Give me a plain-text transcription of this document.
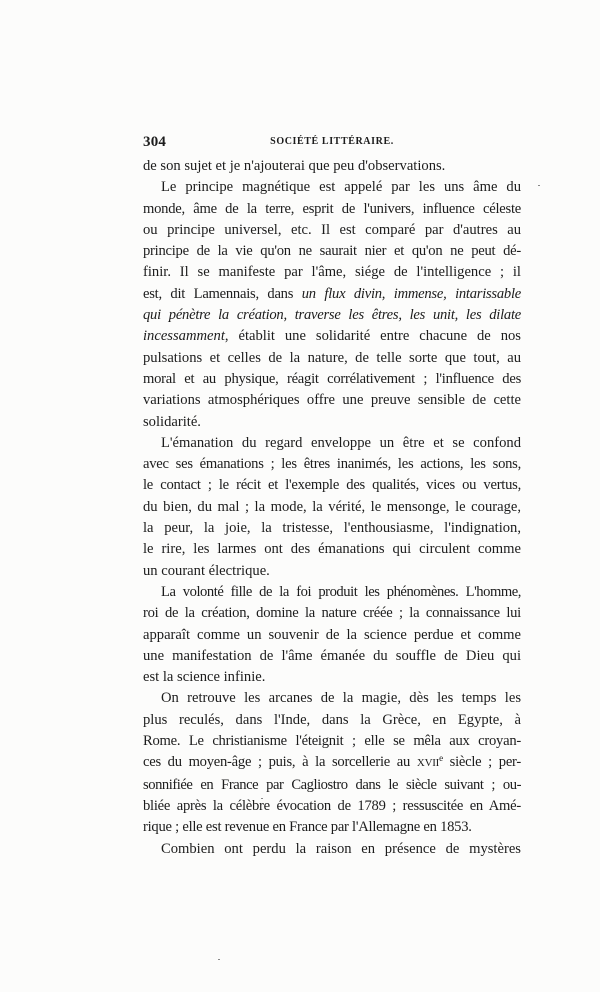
304	SOCIÉTÉ LITTÉRAIRE.

de son sujet et je n'ajouterai que peu d'observations.

Le principe magnétique est appelé par les uns âme du
monde, âme de la terre, esprit de l'univers, influence céleste
ou principe universel, etc. Il est comparé par d'autres au
principe de la vie qu'on ne saurait nier et qu'on ne peut dé-
finir. Il se manifeste par l'âme, siége de l'intelligence ; il
est, dit Lamennais, dans un flux divin, immense, intarissable
qui pénètre la création, traverse les êtres, les unit, les dilate
incessamment, établit une solidarité entre chacune de nos
pulsations et celles de la nature, de telle sorte que tout, au
moral et au physique, réagit corrélativement ; l'influence des
variations atmosphériques offre une preuve sensible de cette
solidarité.

L'émanation du regard enveloppe un être et se confond
avec ses émanations ; les êtres inanimés, les actions, les sons,
le contact ; le récit et l'exemple des qualités, vices ou vertus,
du bien, du mal ; la mode, la vérité, le mensonge, le courage,
la peur, la joie, la tristesse, l'enthousiasme, l'indignation,
le rire, les larmes ont des émanations qui circulent comme
un courant électrique.

La volonté fille de la foi produit les phénomènes. L'homme,
roi de la création, domine la nature créée ; la connaissance lui
apparaît comme un souvenir de la science perdue et comme
une manifestation de l'âme émanée du souffle de Dieu qui
est la science infinie.

On retrouve les arcanes de la magie, dès les temps les
plus reculés, dans l'Inde, dans la Grèce, en Egypte, à
Rome. Le christianisme l'éteignit ; elle se mêla aux croyan-
ces du moyen-âge ; puis, à la sorcellerie au XVIIe siècle ; per-
sonnifiée en France par Cagliostro dans le siècle suivant ; ou-
bliée après la célèbre évocation de 1789 ; ressuscitée en Amé-
rique ; elle est revenue en France par l'Allemagne en 1853.

Combien ont perdu la raison en présence de mystères
